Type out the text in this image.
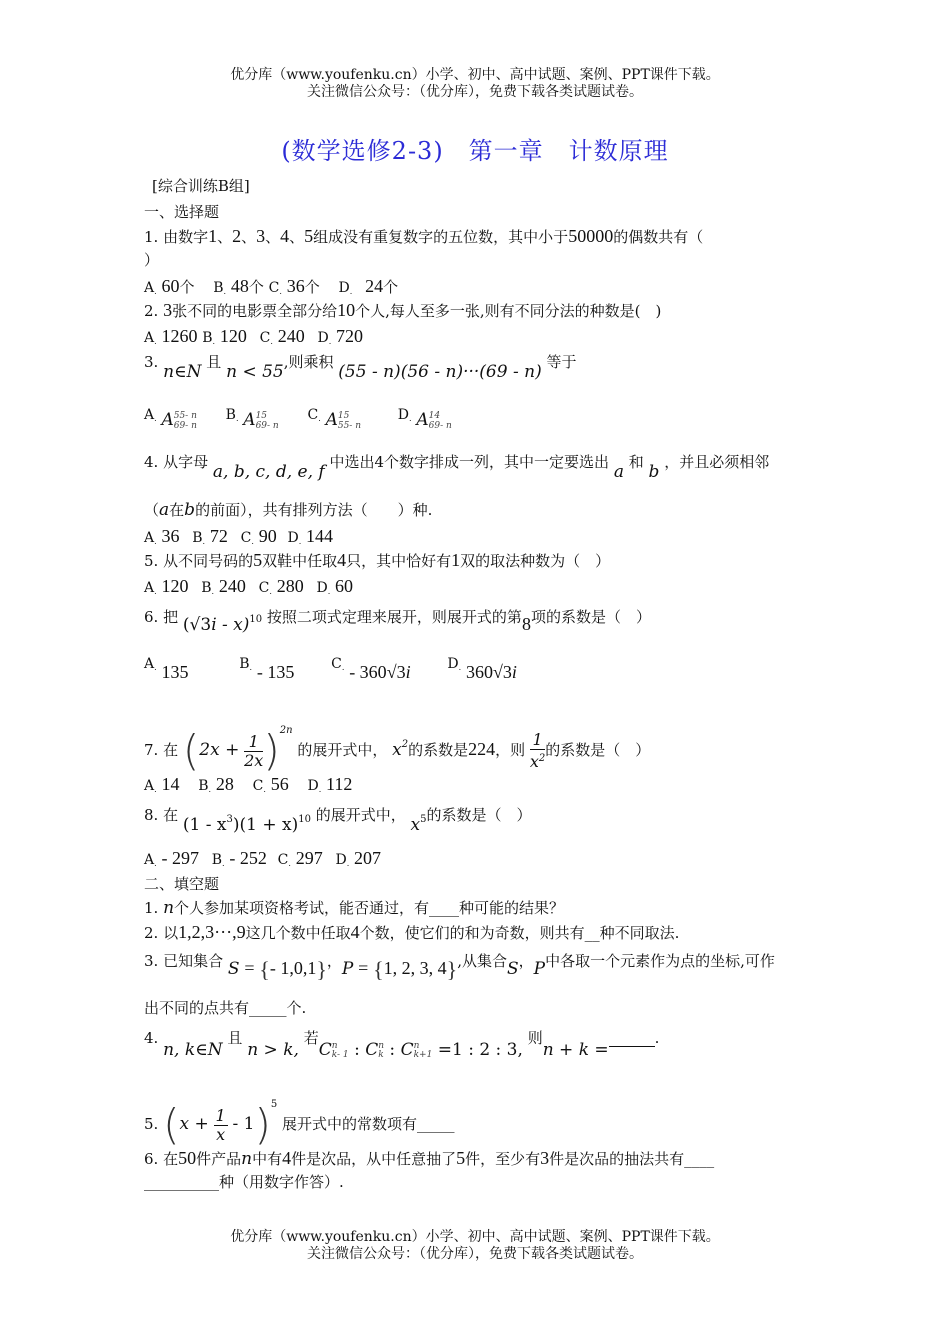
优分库（www.youfenku.cn）小学、初中、高中试题、案例、PPT课件下载。
关注微信公众号：（优分库），免费下载各类试题试卷。
(数学选修2-3)　第一章　计数原理
[综合训练B组]
一、选择题
1. 由数字1、2、3、4、5组成没有重复数字的五位数，其中小于50000的偶数共有（
）
A. 60个 B. 48个 C. 36个 D. 24个
2. 3张不同的电影票全部分给10个人,每人至多一张,则有不同分法的种数是(　)
A. 1260 B. 120 C. 240 D. 720
3. n∈N 且 n < 55,则乘积 (55 - n)(56 - n)···(69 - n) 等于
A. A 55- n
69- n
B. A 15
69- n
C. A 15
55- n
D. A 14
69- n
4. 从字母 a, b, c, d, e, f 中选出4个数字排成一列，其中一定要选出 a 和 b ，并且必须相邻
（a在b的前面），共有排列方法（　　）种.
A. 36 B. 72 C. 90 D. 144
5. 从不同号码的5双鞋中任取4只，其中恰好有1双的取法种数为（　）
A. 120 B. 240 C. 280 D. 60
6. 把 (√3i - x)$^{10}$ 按照二项式定理来展开，则展开式的第8项的系数是（　）
A. 135	B. - 135	C. - 360√3i	D. 360√3i
7. 在 $(2x + \frac{1}{2x} )^{2n}$ 的展开式中， $x^2$的系数是224，则 $\frac{1}{x^2}$ 的系数是（　）
A. 14 B. 28 C. 56 D. 112
8. 在 $(1 - x^3)(1 + x)^{10}$ 的展开式中， $x^5$的系数是（　）
A. - 297 B. - 252 C. 297 D. 207
二、填空题
1. n个人参加某项资格考试，能否通过，有____种可能的结果？
2. 以1,2,3···,9这几个数中任取4个数，使它们的和为奇数，则共有__种不同取法.
3. 已知集合 S = {- 1,0,1}，P = {1, 2, 3, 4},从集合S，P中各取一个元素作为点的坐标,可作
出不同的点共有_____个.
4. n, k∈N 且 n > k, 若C n
k- 1 : C n
k : C n
k+1 =1 : 2 : 3, 则n + k =.
5. $(x + \frac{1}{x} - 1)^5$ 展开式中的常数项有_____
6. 在50件产品n中有4件是次品，从中任意抽了5件，至少有3件是次品的抽法共有____
__________种（用数字作答）.
优分库（www.youfenku.cn）小学、初中、高中试题、案例、PPT课件下载。
关注微信公众号：（优分库），免费下载各类试题试卷。
